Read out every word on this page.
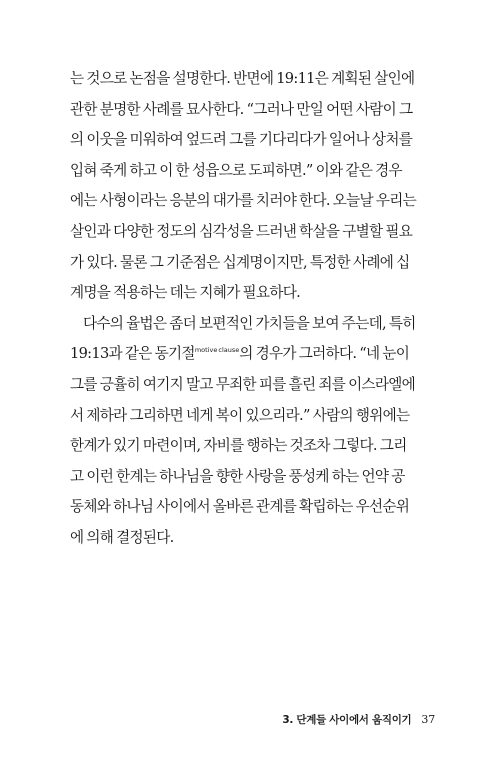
는 것으로 논점을 설명한다. 반면에 19:11은 계획된 살인에
관한 분명한 사례를 묘사한다. “그러나 만일 어떤 사람이 그
의 이웃을 미워하여 엎드려 그를 기다리다가 일어나 상처를
입혀 죽게 하고 이 한 성읍으로 도피하면.” 이와 같은 경우
에는 사형이라는 응분의 대가를 치러야 한다. 오늘날 우리는
살인과 다양한 정도의 심각성을 드러낸 학살을 구별할 필요
가 있다. 물론 그 기준점은 십계명이지만, 특정한 사례에 십
계명을 적용하는 데는 지혜가 필요하다.
다수의 율법은 좀더 보편적인 가치들을 보여 주는데, 특히
19:13과 같은 동기절$^{motive clause}$의 경우가 그러하다. “네 눈이
그를 긍휼히 여기지 말고 무죄한 피를 흘린 죄를 이스라엘에
서 제하라 그리하면 네게 복이 있으리라.” 사람의 행위에는
한계가 있기 마련이며, 자비를 행하는 것조차 그렇다. 그리
고 이런 한계는 하나님을 향한 사랑을 풍성케 하는 언약 공
동체와 하나님 사이에서 올바른 관계를 확립하는 우선순위
에 의해 결정된다.
3. 단계들 사이에서 움직이기 37
